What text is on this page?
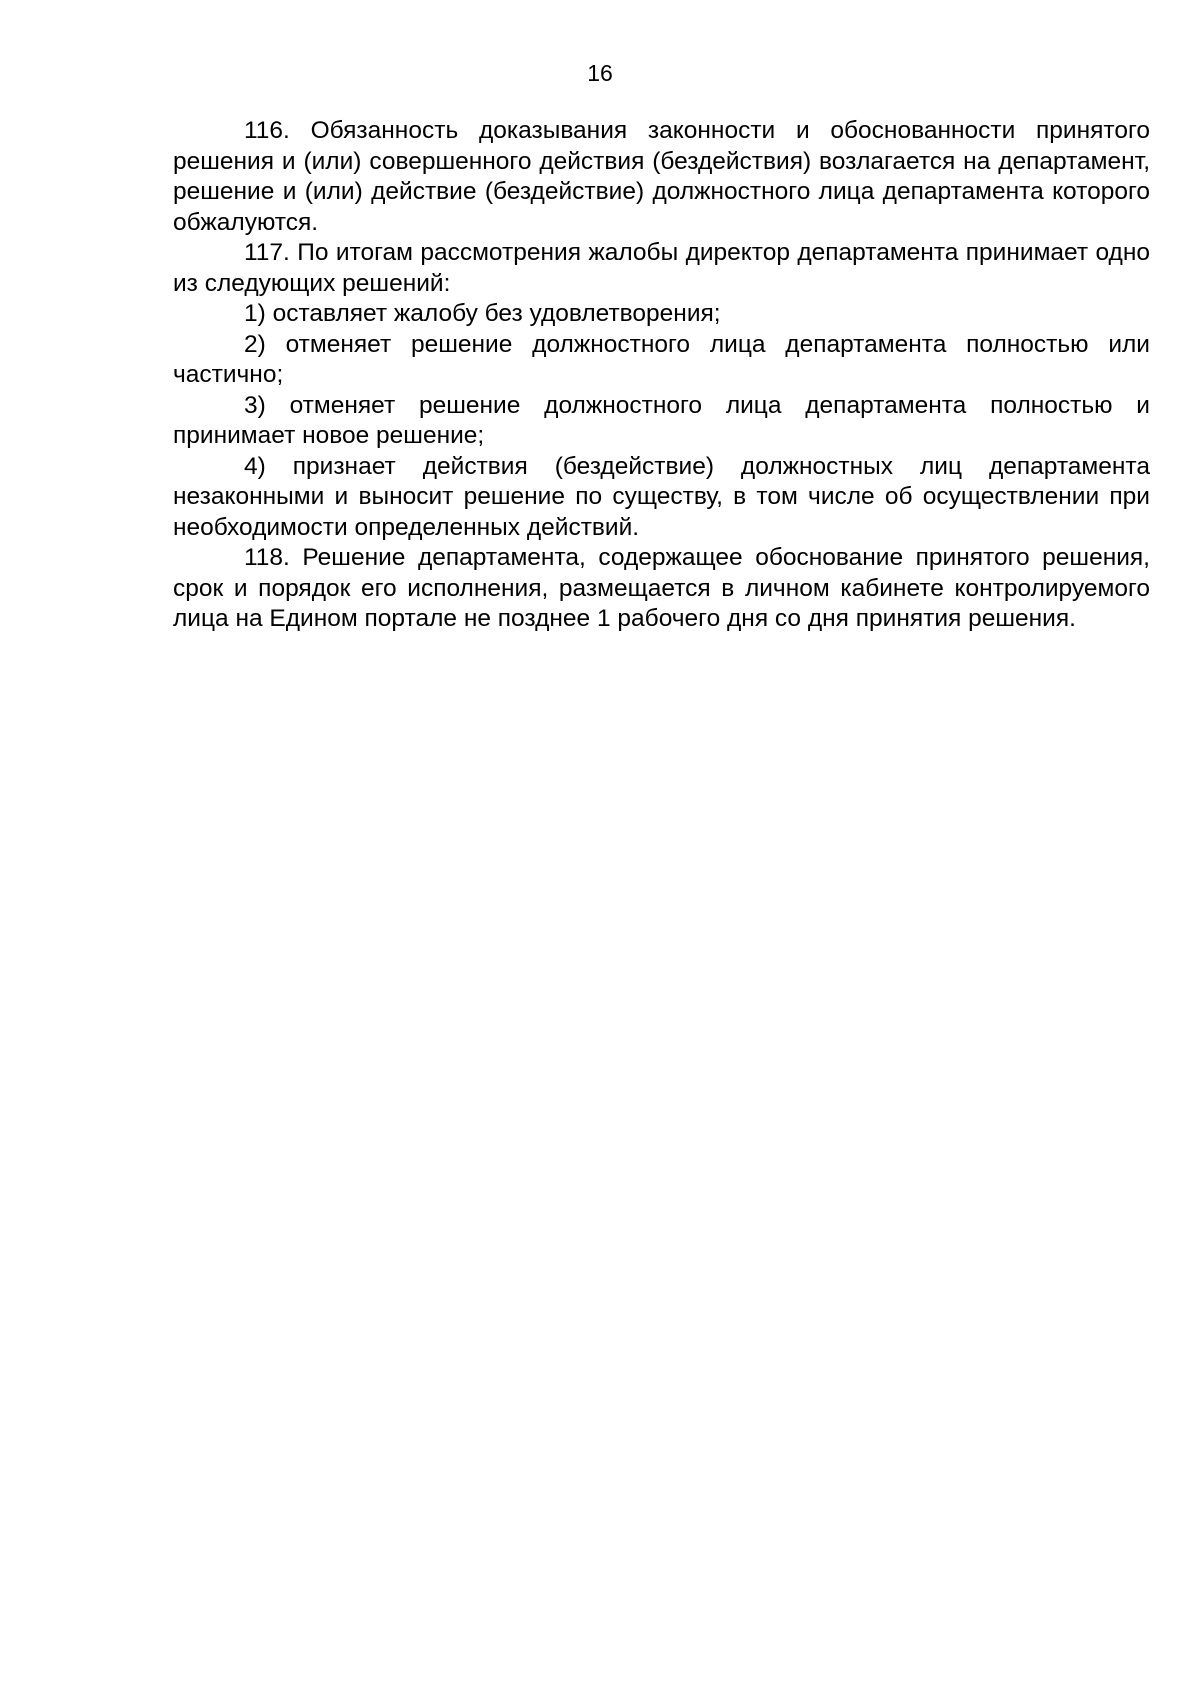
16

116. Обязанность доказывания законности и обоснованности принятого решения и (или) совершенного действия (бездействия) возлагается на департамент, решение и (или) действие (бездействие) должностного лица департамента которого обжалуются.

117. По итогам рассмотрения жалобы директор департамента принимает одно из следующих решений:

1) оставляет жалобу без удовлетворения;

2) отменяет решение должностного лица департамента полностью или частично;

3) отменяет решение должностного лица департамента полностью и принимает новое решение;

4) признает действия (бездействие) должностных лиц департамента незаконными и выносит решение по существу, в том числе об осуществлении при необходимости определенных действий.

118. Решение департамента, содержащее обоснование принятого решения, срок и порядок его исполнения, размещается в личном кабинете контролируемого лица на Едином портале не позднее 1 рабочего дня со дня принятия решения.
